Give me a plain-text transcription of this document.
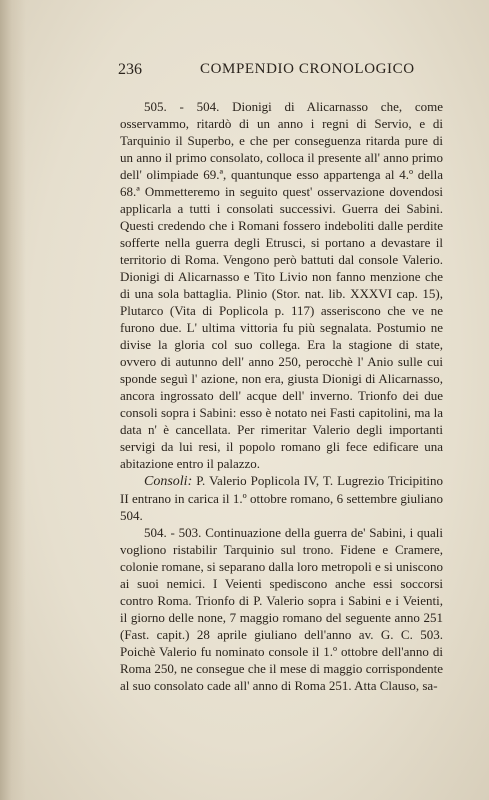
236	COMPENDIO CRONOLOGICO

505. - 504. Dionigi di Alicarnasso che, come osservammo, ritardò di un anno i regni di Servio, e di Tarquinio il Superbo, e che per conseguenza ritarda pure di un anno il primo consolato, colloca il presente all' anno primo dell' olimpiade 69.ª, quantunque esso appartenga al 4.º della 68.ª Ommetteremo in seguito quest' osservazione dovendosi applicarla a tutti i consolati successivi. Guerra dei Sabini. Questi credendo che i Romani fossero indeboliti dalle perdite sofferte nella guerra degli Etrusci, si portano a devastare il territorio di Roma. Vengono però battuti dal console Valerio. Dionigi di Alicarnasso e Tito Livio non fanno menzione che di una sola battaglia. Plinio (Stor. nat. lib. XXXVI cap. 15), Plutarco (Vita di Poplicola p. 117) asseriscono che ve ne furono due. L' ultima vittoria fu più segnalata. Postumio ne divise la gloria col suo collega. Era la stagione di state, ovvero di autunno dell' anno 250, perocchè l' Anio sulle cui sponde seguì l' azione, non era, giusta Dionigi di Alicarnasso, ancora ingrossato dell' acque dell' inverno. Trionfo dei due consoli sopra i Sabini: esso è notato nei Fasti capitolini, ma la data n' è cancellata. Per rimeritar Valerio degli importanti servigi da lui resi, il popolo romano gli fece edificare una abitazione entro il palazzo.

Consoli: P. Valerio Poplicola IV, T. Lugrezio Tricipitino II entrano in carica il 1.º ottobre romano, 6 settembre giuliano 504.

504. - 503. Continuazione della guerra de' Sabini, i quali vogliono ristabilir Tarquinio sul trono. Fidene e Cramere, colonie romane, si separano dalla loro metropoli e si uniscono ai suoi nemici. I Veienti spediscono anche essi soccorsi contro Roma. Trionfo di P. Valerio sopra i Sabini e i Veienti, il giorno delle none, 7 maggio romano del seguente anno 251 (Fast. capit.) 28 aprile giuliano dell'anno av. G. C. 503. Poichè Valerio fu nominato console il 1.º ottobre dell'anno di Roma 250, ne consegue che il mese di maggio corrispondente al suo consolato cade all' anno di Roma 251. Atta Clauso, sa-
